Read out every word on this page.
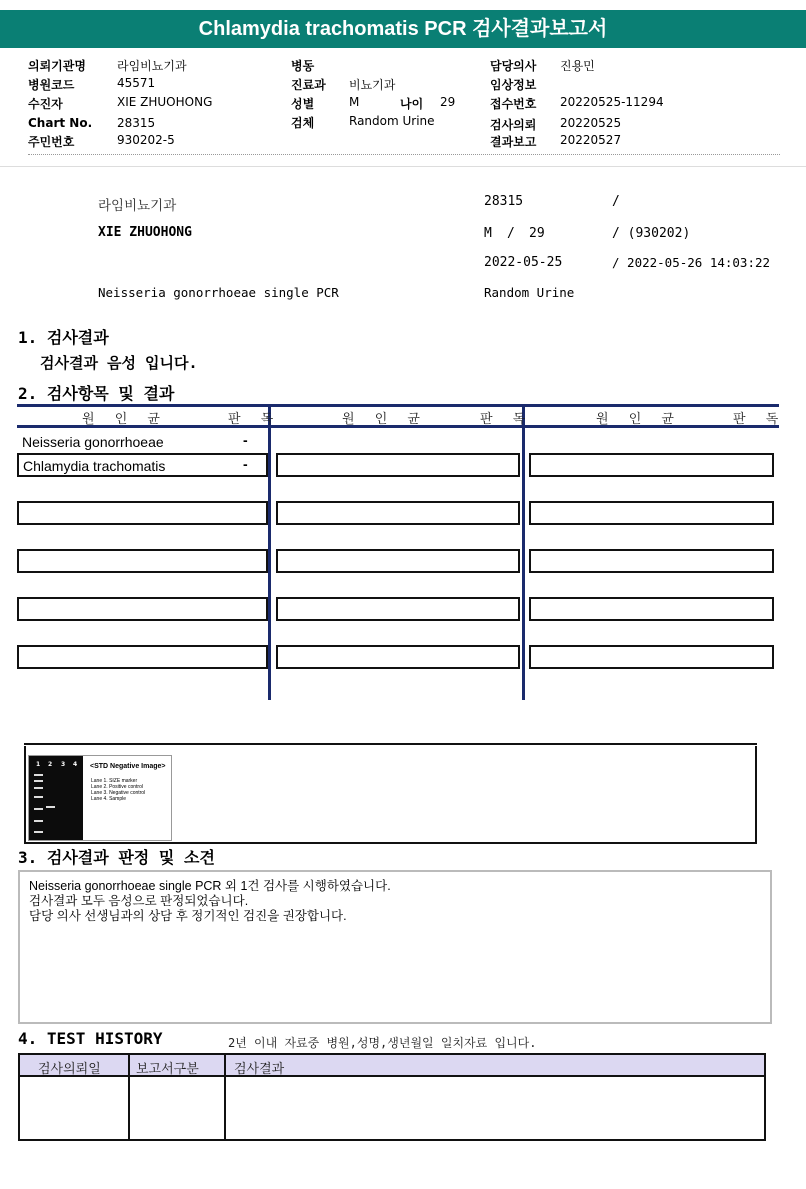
Chlamydia trachomatis PCR 검사결과보고서
의뢰기관명	라임비뇨기과
병원코드	45571
수진자	XIE ZHUOHONG
Chart No. 28315
주민번호	930202-5
병동
진료과 비뇨기과
성별	M	나이 29
검체	Random Urine
담당의사 진용민
임상정보
접수번호 20220525-11294
검사의뢰 20220525
결과보고 20220527
라임비뇨기과	28315	/
XIE ZHUOHONG	M / 29	/ (930202)
2022-05-25	/ 2022-05-26 14:03:22
Neisseria gonorrhoeae single PCR	Random Urine
1. 검사결과
검사결과 음성 입니다.
2. 검사항목 및 결과
원 인 균	판 독	원 인 균	판 독	원 인 균	판 독
Neisseria gonorrhoeae	-
Chlamydia trachomatis	-
1 2 3 4 <STD Negative Image>
Lane 1. SIZE marker
Lane 2. Positive control
Lane 3. Negative control
Lane 4. Sample
3. 검사결과 판정 및 소견
Neisseria gonorrhoeae single PCR 외 1건 검사를 시행하였습니다.
검사결과 모두 음성으로 판정되었습니다.
담당 의사 선생님과의 상담 후 정기적인 검진을 권장합니다.
4. TEST HISTORY	2년 이내 자료중 병원,성명,생년월일 일치자료 입니다.
검사의뢰일	보고서구분	검사결과
